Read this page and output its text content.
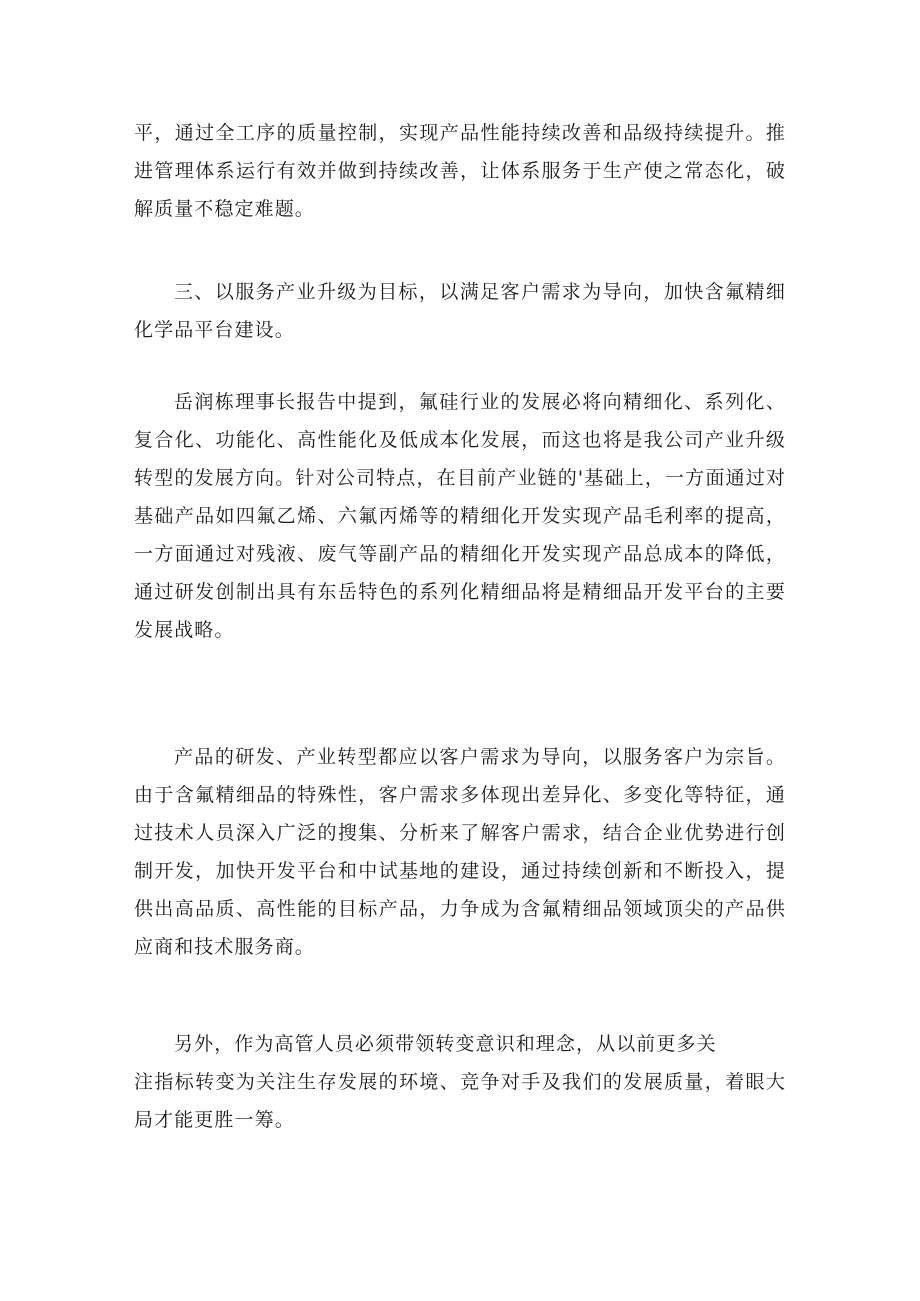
平，通过全工序的质量控制，实现产品性能持续改善和品级持续提升。推进管理体系运行有效并做到持续改善，让体系服务于生产使之常态化，破解质量不稳定难题。

三、以服务产业升级为目标，以满足客户需求为导向，加快含氟精细化学品平台建设。

岳润栋理事长报告中提到，氟硅行业的发展必将向精细化、系列化、复合化、功能化、高性能化及低成本化发展，而这也将是我公司产业升级转型的发展方向。针对公司特点，在目前产业链的'基础上，一方面通过对基础产品如四氟乙烯、六氟丙烯等的精细化开发实现产品毛利率的提高，一方面通过对残液、废气等副产品的精细化开发实现产品总成本的降低，通过研发创制出具有东岳特色的系列化精细品将是精细品开发平台的主要发展战略。

产品的研发、产业转型都应以客户需求为导向，以服务客户为宗旨。由于含氟精细品的特殊性，客户需求多体现出差异化、多变化等特征，通过技术人员深入广泛的搜集、分析来了解客户需求，结合企业优势进行创制开发，加快开发平台和中试基地的建设，通过持续创新和不断投入，提供出高品质、高性能的目标产品，力争成为含氟精细品领域顶尖的产品供应商和技术服务商。

另外，作为高管人员必须带领转变意识和理念，从以前更多关

注指标转变为关注生存发展的环境、竞争对手及我们的发展质量，着眼大局才能更胜一筹。
